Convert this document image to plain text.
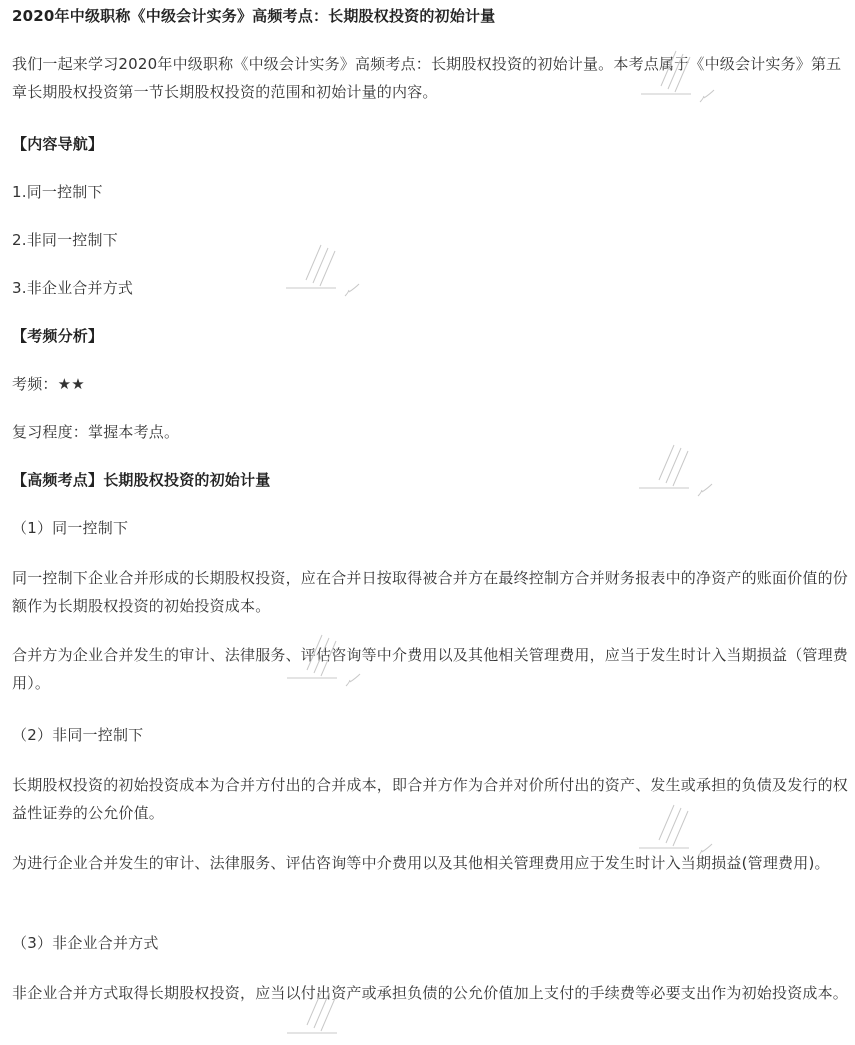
2020年中级职称《中级会计实务》高频考点：长期股权投资的初始计量

我们一起来学习2020年中级职称《中级会计实务》高频考点：长期股权投资的初始计量。本考点属于《中级会计实务》第五章长期股权投资第一节长期股权投资的范围和初始计量的内容。

【内容导航】

1.同一控制下

2.非同一控制下

3.非企业合并方式

【考频分析】

考频：★★

复习程度：掌握本考点。

【高频考点】长期股权投资的初始计量

（1）同一控制下

同一控制下企业合并形成的长期股权投资，应在合并日按取得被合并方在最终控制方合并财务报表中的净资产的账面价值的份额作为长期股权投资的初始投资成本。

合并方为企业合并发生的审计、法律服务、评估咨询等中介费用以及其他相关管理费用，应当于发生时计入当期损益（管理费用）。

（2）非同一控制下

长期股权投资的初始投资成本为合并方付出的合并成本，即合并方作为合并对价所付出的资产、发生或承担的负债及发行的权益性证券的公允价值。

为进行企业合并发生的审计、法律服务、评估咨询等中介费用以及其他相关管理费用应于发生时计入当期损益(管理费用)。

（3）非企业合并方式

非企业合并方式取得长期股权投资，应当以付出资产或承担负债的公允价值加上支付的手续费等必要支出作为初始投资成本。
